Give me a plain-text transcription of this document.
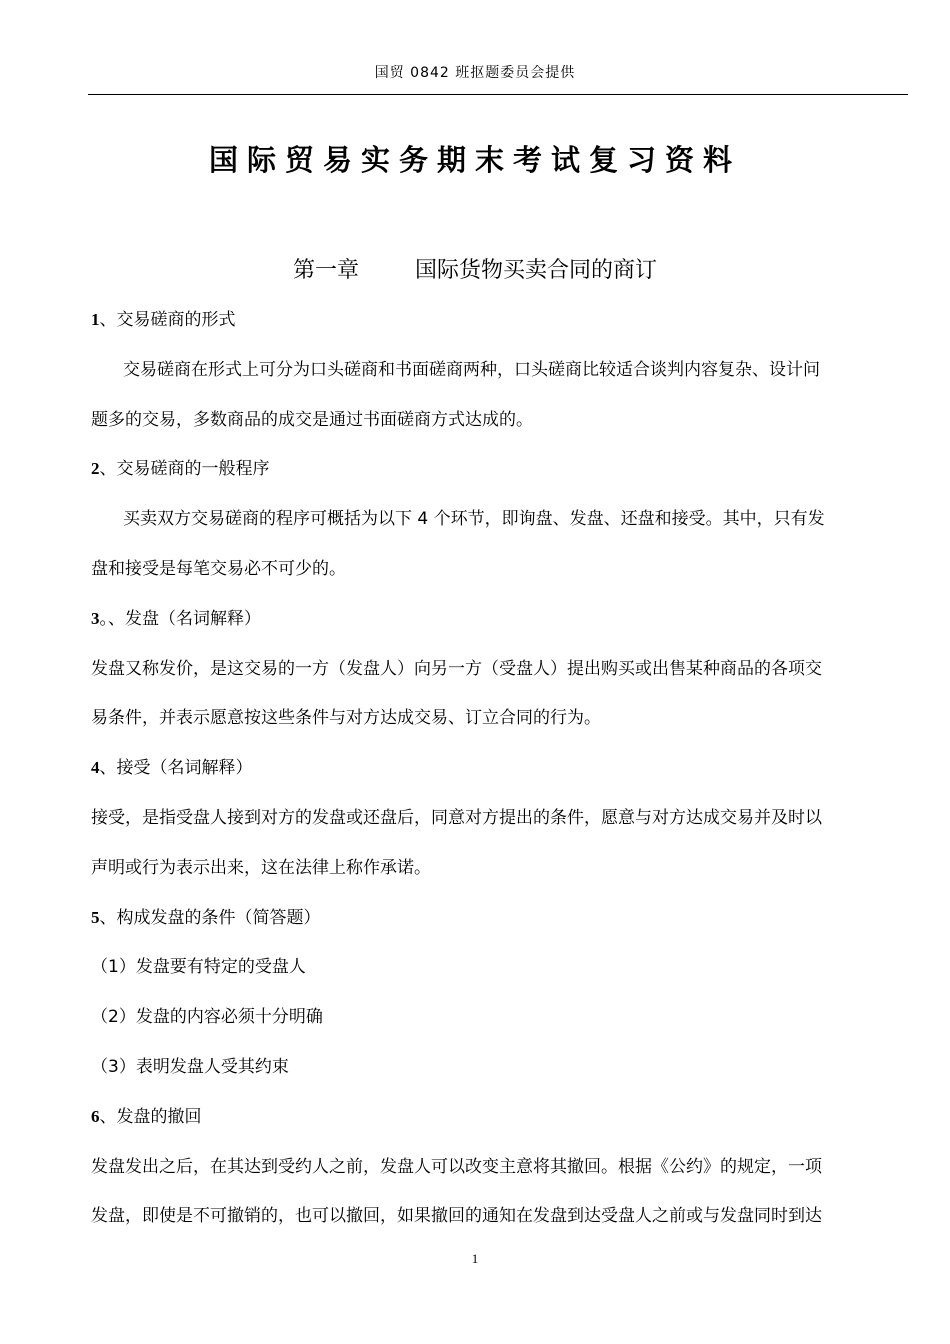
国贸 0842 班抠题委员会提供
国际贸易实务期末考试复习资料
第一章	国际货物买卖合同的商订
1、交易磋商的形式
交易磋商在形式上可分为口头磋商和书面磋商两种，口头磋商比较适合谈判内容复杂、设计问
题多的交易，多数商品的成交是通过书面磋商方式达成的。
2、交易磋商的一般程序
买卖双方交易磋商的程序可概括为以下 4 个环节，即询盘、发盘、还盘和接受。其中，只有发
盘和接受是每笔交易必不可少的。
3。、发盘（名词解释）
发盘又称发价，是这交易的一方（发盘人）向另一方（受盘人）提出购买或出售某种商品的各项交
易条件，并表示愿意按这些条件与对方达成交易、订立合同的行为。
4、接受（名词解释）
接受，是指受盘人接到对方的发盘或还盘后，同意对方提出的条件，愿意与对方达成交易并及时以
声明或行为表示出来，这在法律上称作承诺。
5、构成发盘的条件（简答题）
（1）发盘要有特定的受盘人
（2）发盘的内容必须十分明确
（3）表明发盘人受其约束
6、发盘的撤回
发盘发出之后，在其达到受约人之前，发盘人可以改变主意将其撤回。根据《公约》的规定，一项
发盘，即使是不可撤销的，也可以撤回，如果撤回的通知在发盘到达受盘人之前或与发盘同时到达
1
